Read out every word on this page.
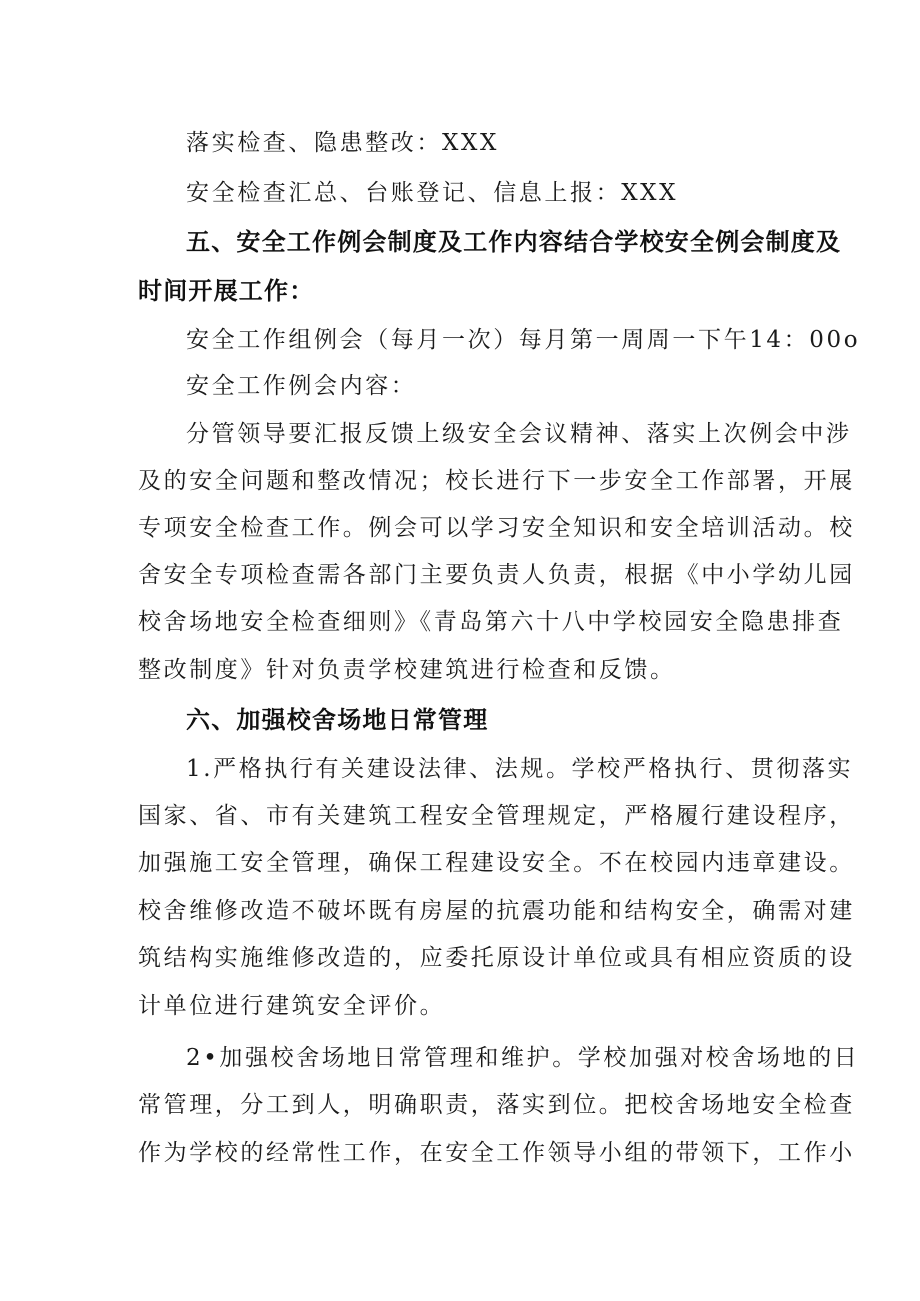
落实检查、隐患整改：XXX
安全检查汇总、台账登记、信息上报：XXX
五、安全工作例会制度及工作内容结合学校安全例会制度及
时间开展工作：
安全工作组例会（每月一次）每月第一周周一下午14：00o
安全工作例会内容：
分管领导要汇报反馈上级安全会议精神、落实上次例会中涉
及的安全问题和整改情况；校长进行下一步安全工作部署，开展
专项安全检查工作。例会可以学习安全知识和安全培训活动。校
舍安全专项检查需各部门主要负责人负责，根据《中小学幼儿园
校舍场地安全检查细则》《青岛第六十八中学校园安全隐患排查
整改制度》针对负责学校建筑进行检查和反馈。
六、加强校舍场地日常管理
1.严格执行有关建设法律、法规。学校严格执行、贯彻落实
国家、省、市有关建筑工程安全管理规定，严格履行建设程序，
加强施工安全管理，确保工程建设安全。不在校园内违章建设。
校舍维修改造不破坏既有房屋的抗震功能和结构安全，确需对建
筑结构实施维修改造的，应委托原设计单位或具有相应资质的设
计单位进行建筑安全评价。
2•加强校舍场地日常管理和维护。学校加强对校舍场地的日
常管理，分工到人，明确职责，落实到位。把校舍场地安全检查
作为学校的经常性工作，在安全工作领导小组的带领下，工作小
